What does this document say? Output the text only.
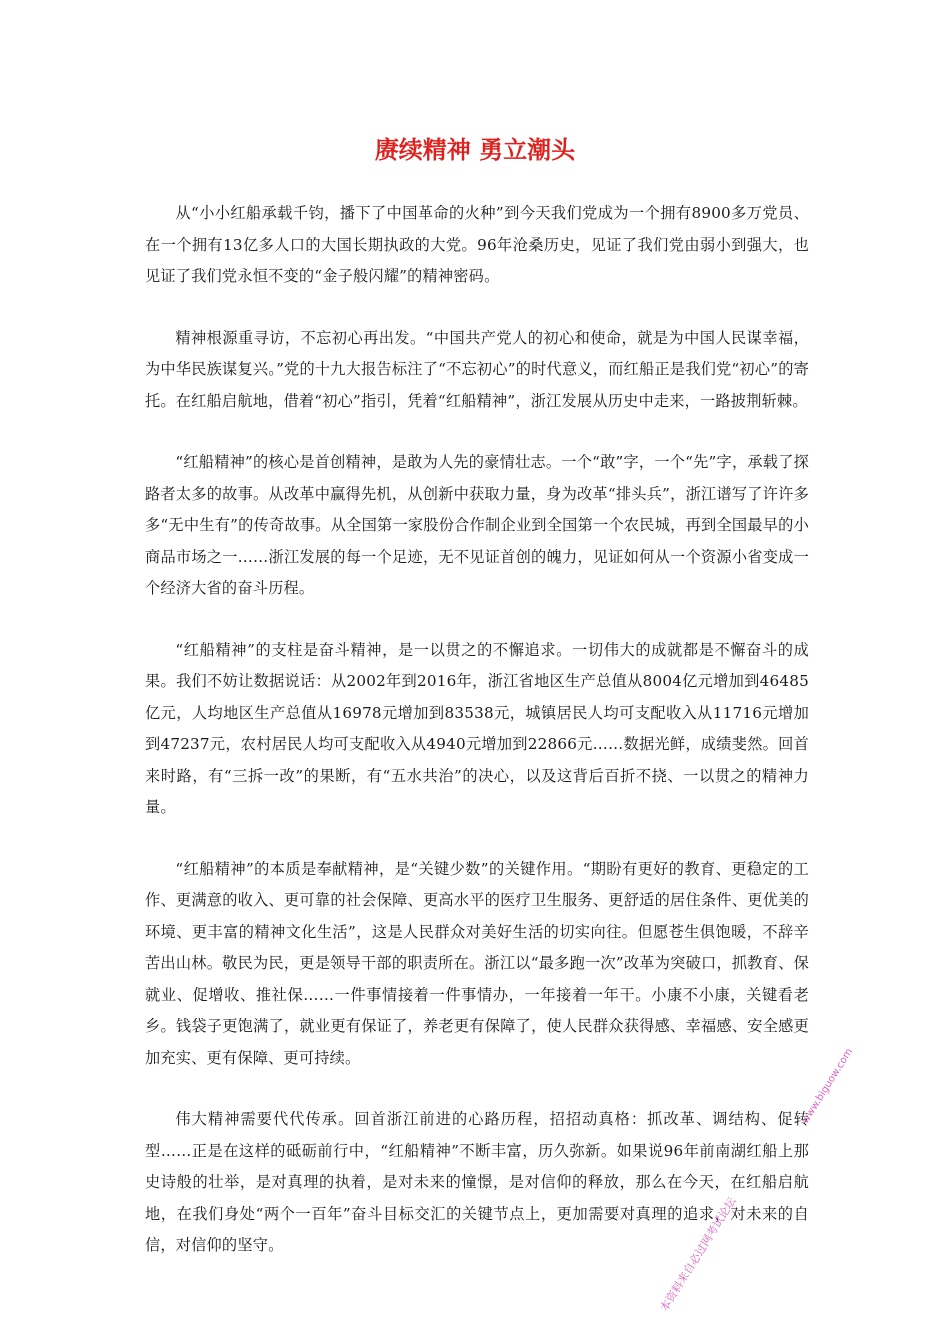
赓续精神 勇立潮头

从“小小红船承载千钧，播下了中国革命的火种”到今天我们党成为一个拥有8900多万党员、在一个拥有13亿多人口的大国长期执政的大党。96年沧桑历史，见证了我们党由弱小到强大，也见证了我们党永恒不变的“金子般闪耀”的精神密码。

精神根源重寻访，不忘初心再出发。“中国共产党人的初心和使命，就是为中国人民谋幸福，为中华民族谋复兴。”党的十九大报告标注了“不忘初心”的时代意义，而红船正是我们党“初心”的寄托。在红船启航地，借着“初心”指引，凭着“红船精神”，浙江发展从历史中走来，一路披荆斩棘。

“红船精神”的核心是首创精神，是敢为人先的豪情壮志。一个“敢”字，一个“先”字，承载了探路者太多的故事。从改革中赢得先机，从创新中获取力量，身为改革“排头兵”，浙江谱写了许许多多“无中生有”的传奇故事。从全国第一家股份合作制企业到全国第一个农民城，再到全国最早的小商品市场之一……浙江发展的每一个足迹，无不见证首创的魄力，见证如何从一个资源小省变成一个经济大省的奋斗历程。

“红船精神”的支柱是奋斗精神，是一以贯之的不懈追求。一切伟大的成就都是不懈奋斗的成果。我们不妨让数据说话：从2002年到2016年，浙江省地区生产总值从8004亿元增加到46485亿元，人均地区生产总值从16978元增加到83538元，城镇居民人均可支配收入从11716元增加到47237元，农村居民人均可支配收入从4940元增加到22866元……数据光鲜，成绩斐然。回首来时路，有“三拆一改”的果断，有“五水共治”的决心，以及这背后百折不挠、一以贯之的精神力量。

“红船精神”的本质是奉献精神，是“关键少数”的关键作用。“期盼有更好的教育、更稳定的工作、更满意的收入、更可靠的社会保障、更高水平的医疗卫生服务、更舒适的居住条件、更优美的环境、更丰富的精神文化生活”，这是人民群众对美好生活的切实向往。但愿苍生俱饱暖，不辞辛苦出山林。敬民为民，更是领导干部的职责所在。浙江以“最多跑一次”改革为突破口，抓教育、保就业、促增收、推社保……一件事情接着一件事情办，一年接着一年干。小康不小康，关键看老乡。钱袋子更饱满了，就业更有保证了，养老更有保障了，使人民群众获得感、幸福感、安全感更加充实、更有保障、更可持续。

伟大精神需要代代传承。回首浙江前进的心路历程，招招动真格：抓改革、调结构、促转型……正是在这样的砥砺前行中，“红船精神”不断丰富，历久弥新。如果说96年前南湖红船上那史诗般的壮举，是对真理的执着，是对未来的憧憬，是对信仰的释放，那么在今天，在红船启航地，在我们身处“两个一百年”奋斗目标交汇的关键节点上，更加需要对真理的追求，对未来的自信，对信仰的坚守。	本资料来自必过网考试论坛
www.biguow.com
